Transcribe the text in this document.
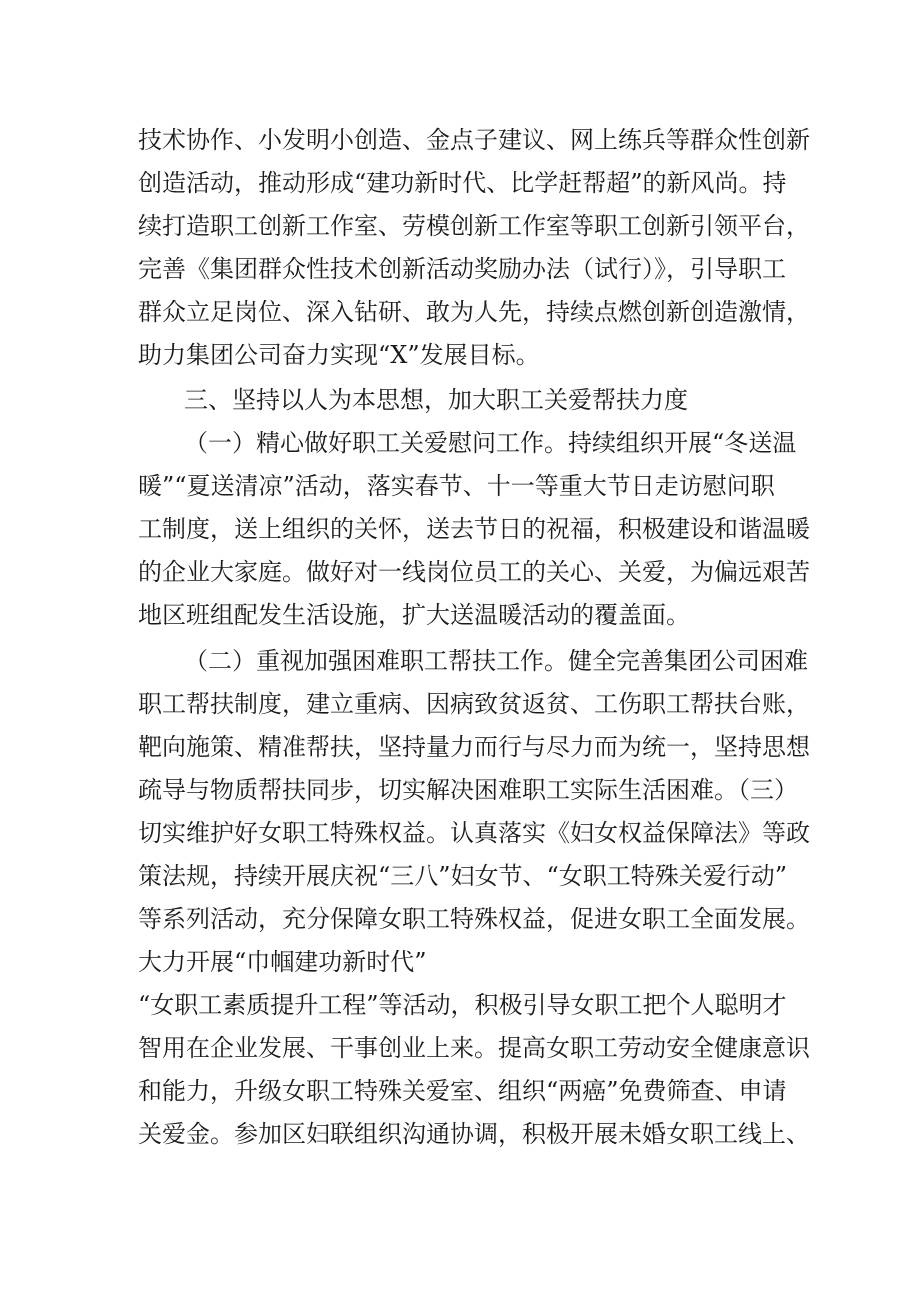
技术协作、小发明小创造、金点子建议、网上练兵等群众性创新
创造活动，推动形成“建功新时代、比学赶帮超”的新风尚。持
续打造职工创新工作室、劳模创新工作室等职工创新引领平台，
完善《集团群众性技术创新活动奖励办法（试行）》，引导职工
群众立足岗位、深入钻研、敢为人先，持续点燃创新创造激情，
助力集团公司奋力实现“X”发展目标。
三、坚持以人为本思想，加大职工关爱帮扶力度
（一）精心做好职工关爱慰问工作。持续组织开展“冬送温
暖”“夏送清凉”活动，落实春节、十一等重大节日走访慰问职
工制度，送上组织的关怀，送去节日的祝福，积极建设和谐温暖
的企业大家庭。做好对一线岗位员工的关心、关爱，为偏远艰苦
地区班组配发生活设施，扩大送温暖活动的覆盖面。
（二）重视加强困难职工帮扶工作。健全完善集团公司困难
职工帮扶制度，建立重病、因病致贫返贫、工伤职工帮扶台账，
靶向施策、精准帮扶，坚持量力而行与尽力而为统一，坚持思想
疏导与物质帮扶同步，切实解决困难职工实际生活困难。（三）
切实维护好女职工特殊权益。认真落实《妇女权益保障法》等政
策法规，持续开展庆祝“三八”妇女节、“女职工特殊关爱行动”
等系列活动，充分保障女职工特殊权益，促进女职工全面发展。
大力开展“巾帼建功新时代”
“女职工素质提升工程”等活动，积极引导女职工把个人聪明才
智用在企业发展、干事创业上来。提高女职工劳动安全健康意识
和能力，升级女职工特殊关爱室、组织“两癌”免费筛查、申请
关爱金。参加区妇联组织沟通协调，积极开展未婚女职工线上、
